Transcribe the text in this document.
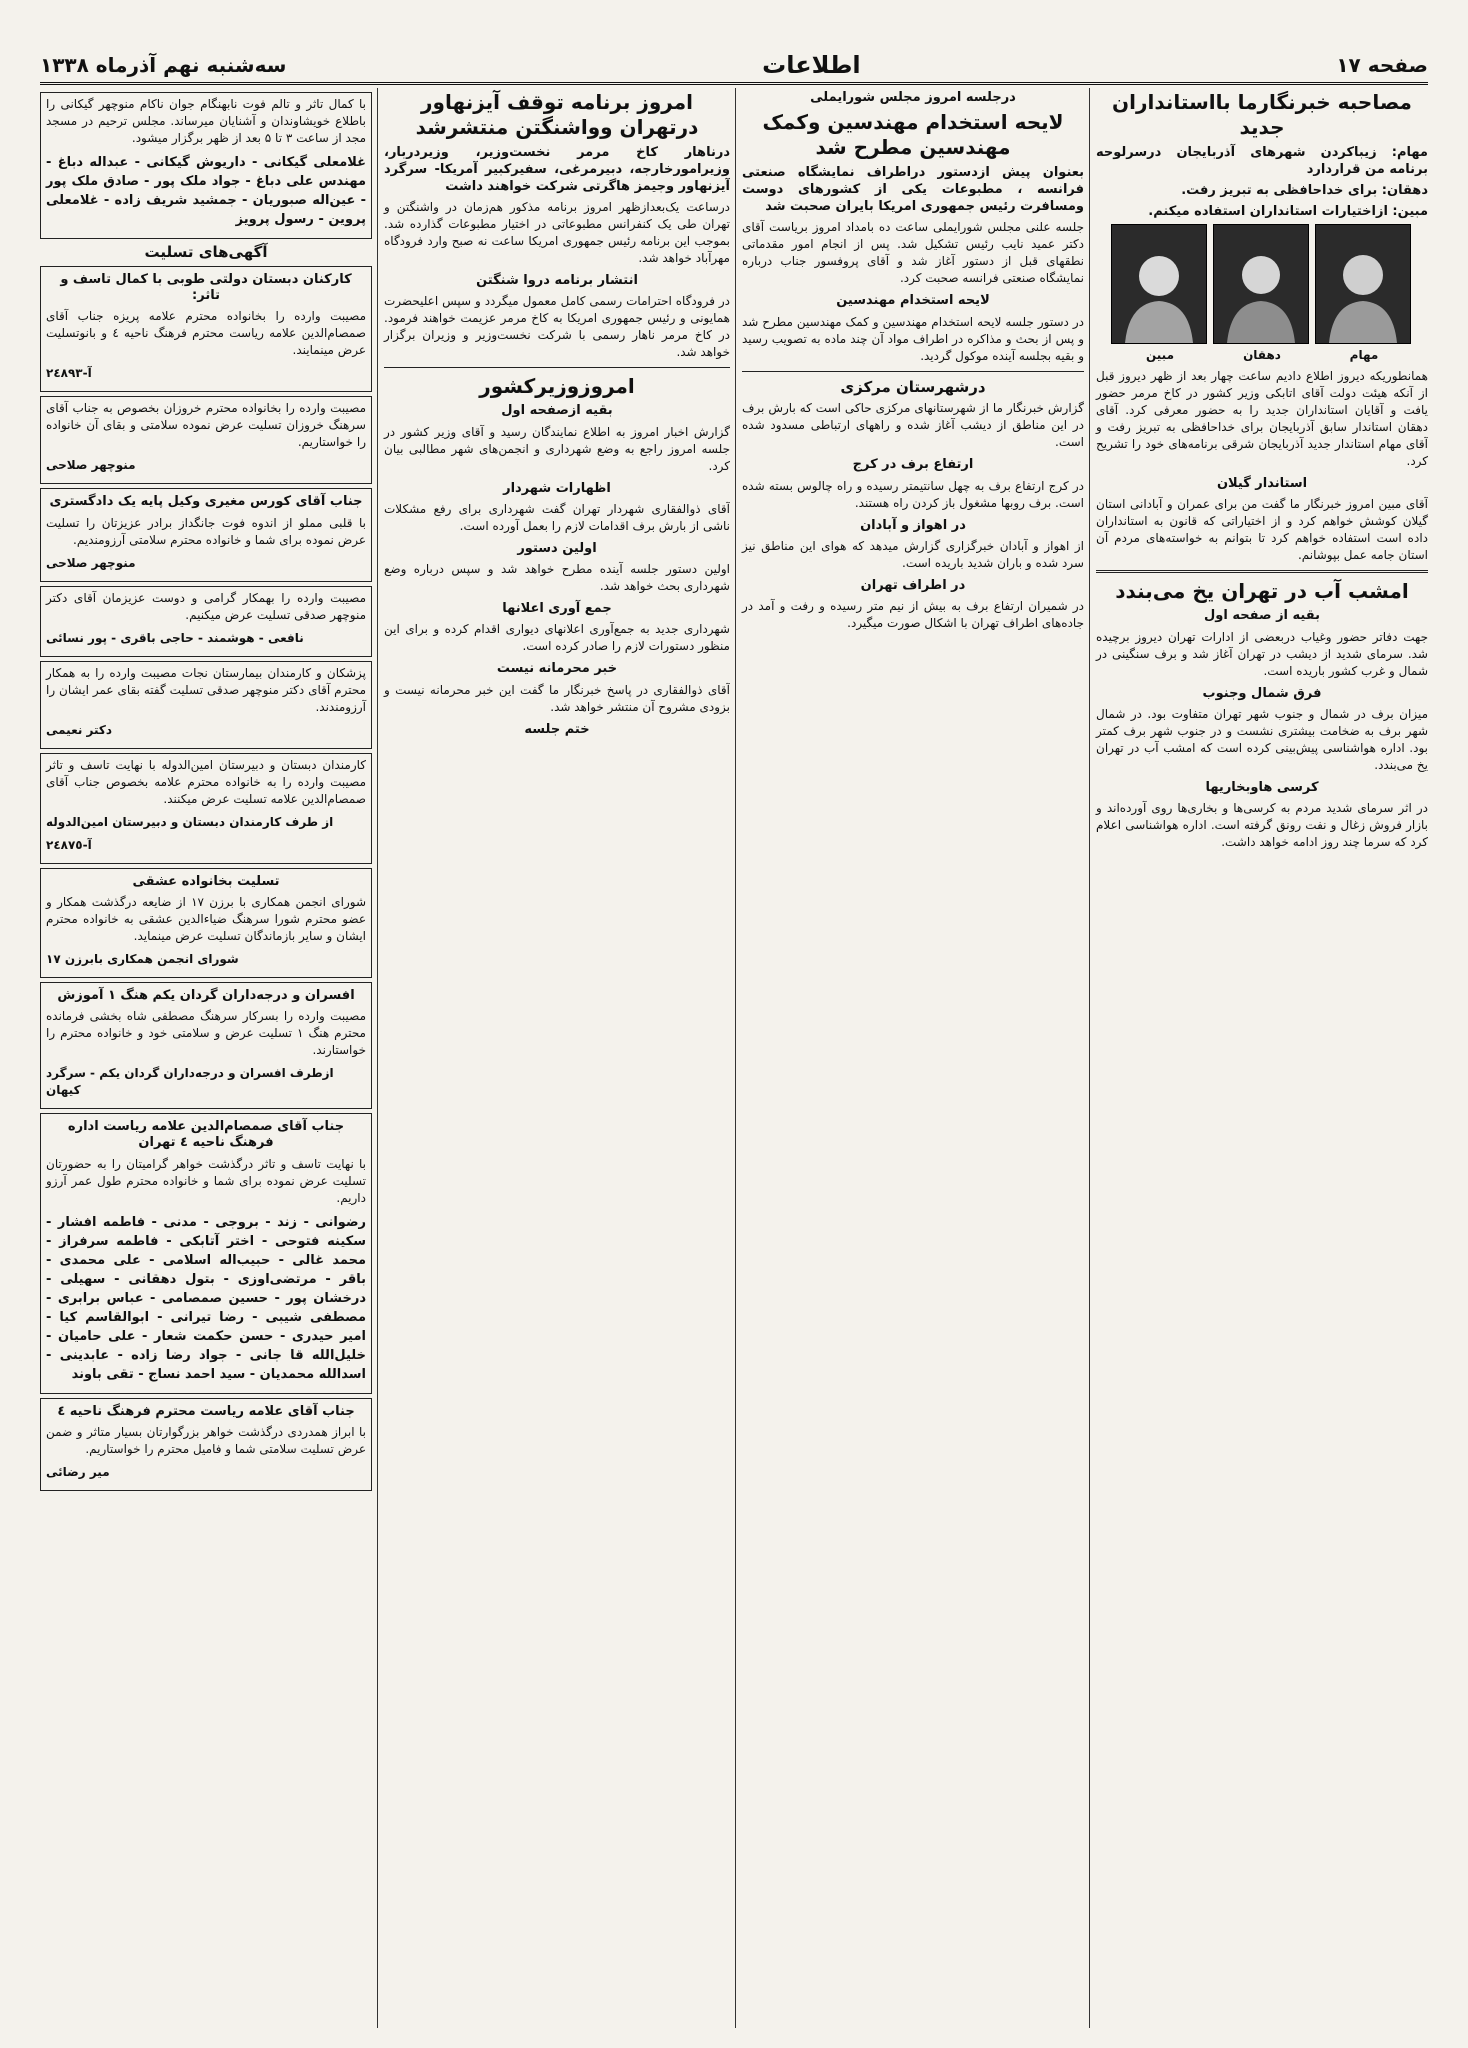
صفحه ۱۷
اطلاعات
سه‌شنبه نهم آذرماه ۱۳۳۸
مصاحبه خبرنگارما بااستانداران جدید

مهام: زیباکردن شهرهای آذربایجان درسرلوحه برنامه من قراردارد

دهقان: برای خداحافظی به تبریز رفت.

مبین: ازاختیارات استانداران استفاده میکنم.

مهام
دهقان
مبین

همانطوریکه دیروز اطلاع دادیم ساعت چهار بعد از ظهر دیروز قبل از آنکه هیئت دولت آقای اتابکی وزیر کشور در کاخ مرمر حضور یافت و آقایان استانداران جدید را به حضور معرفی کرد. آقای دهقان استاندار سابق آذربایجان برای خداحافظی به تبریز رفت و آقای مهام استاندار جدید آذربایجان شرقی برنامه‌های خود را تشریح کرد.

استاندار گیلان

آقای مبین امروز خبرنگار ما گفت من برای عمران و آبادانی استان گیلان کوشش خواهم کرد و از اختیاراتی که قانون به استانداران داده است استفاده خواهم کرد تا بتوانم به خواسته‌های مردم آن استان جامه عمل بپوشانم.

امشب آب در تهران یخ می‌بندد
بقیه از صفحه اول

جهت دفاتر حضور وغیاب دربعضی از ادارات تهران دیروز برچیده شد. سرمای شدید از دیشب در تهران آغاز شد و برف سنگینی در شمال و غرب کشور باریده است.

فرق شمال وجنوب

میزان برف در شمال و جنوب شهر تهران متفاوت بود. در شمال شهر برف به ضخامت بیشتری نشست و در جنوب شهر برف کمتر بود. اداره هواشناسی پیش‌بینی کرده است که امشب آب در تهران یخ می‌بندد.

کرسی هاوبخاریها

در اثر سرمای شدید مردم به کرسی‌ها و بخاری‌ها روی آورده‌اند و بازار فروش زغال و نفت رونق گرفته است. اداره هواشناسی اعلام کرد که سرما چند روز ادامه خواهد داشت.

درجلسه امروز مجلس شورایملی
لایحه استخدام مهندسین وکمک مهندسین مطرح شد

بعنوان پیش ازدستور دراطراف نمایشگاه صنعتی فرانسه ، مطبوعات یکی از کشورهای دوست ومسافرت رئیس جمهوری امریکا بایران صحبت شد

جلسه علنی مجلس شورایملی ساعت ده بامداد امروز بریاست آقای دکتر عمید نایب رئیس تشکیل شد. پس از انجام امور مقدماتی نطقهای قبل از دستور آغاز شد و آقای پروفسور جناب درباره نمایشگاه صنعتی فرانسه صحبت کرد.

لایحه استخدام مهندسین

در دستور جلسه لایحه استخدام مهندسین و کمک مهندسین مطرح شد و پس از بحث و مذاکره در اطراف مواد آن چند ماده به تصویب رسید و بقیه بجلسه آینده موکول گردید.

درشهرستان مرکزی

گزارش خبرنگار ما از شهرستانهای مرکزی حاکی است که بارش برف در این مناطق از دیشب آغاز شده و راههای ارتباطی مسدود شده است.

ارتفاع برف در کرج

در کرج ارتفاع برف به چهل سانتیمتر رسیده و راه چالوس بسته شده است. برف روبها مشغول باز کردن راه هستند.

در اهواز و آبادان

از اهواز و آبادان خبرگزاری گزارش میدهد که هوای این مناطق نیز سرد شده و باران شدید باریده است.

در اطراف تهران

در شمیران ارتفاع برف به بیش از نیم متر رسیده و رفت و آمد در جاده‌های اطراف تهران با اشکال صورت میگیرد.

امروز برنامه توقف آیزنهاور درتهران وواشنگتن منتشرشد

درناهار کاخ مرمر نخست‌وزیر، وزیردربار، وزیرامورخارجه، دبیرمرغی، سفیرکبیر آمریکا- سرگرد آیزنهاور وجیمز هاگرتی شرکت خواهند داشت

درساعت یک‌بعدازظهر امروز برنامه مذکور هم‌زمان در واشنگتن و تهران طی یک کنفرانس مطبوعاتی در اختیار مطبوعات گذارده شد. بموجب این برنامه رئیس جمهوری امریکا ساعت نه صبح وارد فرودگاه مهرآباد خواهد شد.

انتشار برنامه دروا شنگتن

در فرودگاه احترامات رسمی کامل معمول میگردد و سپس اعلیحضرت همایونی و رئیس جمهوری امریکا به کاخ مرمر عزیمت خواهند فرمود. در کاخ مرمر ناهار رسمی با شرکت نخست‌وزیر و وزیران برگزار خواهد شد.

امروزوزیرکشور
بقیه ازصفحه اول

گزارش اخبار امروز به اطلاع نمایندگان رسید و آقای وزیر کشور در جلسه امروز راجع به وضع شهرداری و انجمن‌های شهر مطالبی بیان کرد.

اظهارات شهردار

آقای ذوالفقاری شهردار تهران گفت شهرداری برای رفع مشکلات ناشی از بارش برف اقدامات لازم را بعمل آورده است.

اولین دستور

اولین دستور جلسه آینده مطرح خواهد شد و سپس درباره وضع شهرداری بحث خواهد شد.

جمع آوری اعلانها

شهرداری جدید به جمع‌آوری اعلانهای دیواری اقدام کرده و برای این منظور دستورات لازم را صادر کرده است.

خبر محرمانه نیست

آقای ذوالفقاری در پاسخ خبرنگار ما گفت این خبر محرمانه نیست و بزودی مشروح آن منتشر خواهد شد.

ختم جلسه

با کمال تاثر و تالم فوت نابهنگام جوان ناکام منوچهر گیکانی را باطلاع خویشاوندان و آشنایان میرساند. مجلس ترحیم در مسجد مجد از ساعت ۳ تا ۵ بعد از ظهر برگزار میشود.

غلامعلی گیکانی - داریوش گیکانی - عبداله دباغ - مهندس علی دباغ - جواد ملک پور - صادق ملک پور - عین‌اله صبوریان - جمشید شریف زاده - غلامعلی پروین - رسول پرویز
آگهی‌های تسلیت
کارکنان دبستان دولتی طوبی با کمال تاسف و تاثر:

مصیبت وارده را بخانواده محترم علامه پریزه جناب آقای صمصام‌الدین علامه ریاست محترم فرهنگ ناحیه ٤ و بانوتسلیت عرض مینمایند.

آ-۲٤۸۹۳

مصیبت وارده را بخانواده محترم خروزان بخصوص به جناب آقای سرهنگ خروزان تسلیت عرض نموده سلامتی و بقای آن خانواده را خواستاریم.

منوچهر صلاحی
جناب آقای کورس مغیری وکیل پایه یک دادگستری

با قلبی مملو از اندوه فوت جانگداز برادر عزیزتان را تسلیت عرض نموده برای شما و خانواده محترم سلامتی آرزومندیم.

منوچهر صلاحی

مصیبت وارده را بهمکار گرامی و دوست عزیزمان آقای دکتر منوچهر صدقی تسلیت عرض میکنیم.

نافعی - هوشمند - حاجی باقری - پور نسائی

پزشکان و کارمندان بیمارستان نجات مصیبت وارده را به همکار محترم آقای دکتر منوچهر صدقی تسلیت گفته بقای عمر ایشان را آرزومندند.

دکتر نعیمی

کارمندان دبستان و دبیرستان امین‌الدوله با نهایت تاسف و تاثر مصیبت وارده را به خانواده محترم علامه بخصوص جناب آقای صمصام‌الدین علامه تسلیت عرض میکنند.

از طرف کارمندان دبستان و دبیرستان امین‌الدوله
آ-۲٤۸۷٥
تسلیت بخانواده عشقی

شورای انجمن همکاری با برزن ۱۷ از ضایعه درگذشت همکار و عضو محترم شورا سرهنگ ضیاءالدین عشقی به خانواده محترم ایشان و سایر بازماندگان تسلیت عرض مینماید.

شورای انجمن همکاری بابرزن ۱۷
افسران و درجه‌داران گردان یکم هنگ ۱ آموزش

مصیبت وارده را بسرکار سرهنگ مصطفی شاه بخشی فرمانده محترم هنگ ۱ تسلیت عرض و سلامتی خود و خانواده محترم را خواستارند.

ازطرف افسران و درجه‌داران گردان یکم - سرگرد کیهان
جناب آقای صمصام‌الدین علامه ریاست اداره فرهنگ ناحیه ٤ تهران

با نهایت تاسف و تاثر درگذشت خواهر گرامیتان را به حضورتان تسلیت عرض نموده برای شما و خانواده محترم طول عمر آرزو داریم.

رضوانی - زند - بروجی - مدنی - فاطمه افشار - سکینه فتوحی - اختر آتابکی - فاطمه سرفراز - محمد غالی - حبیب‌اله اسلامی - علی محمدی - باقر - مرتضی‌اوزی - بتول دهقانی - سهیلی - درخشان پور - حسین صمصامی - عباس برابری - مصطفی شیبی - رضا تیرانی - ابوالقاسم کیا - امیر حیدری - حسن حکمت شعار - علی حامیان - خلیل‌الله قا جانی - جواد رضا زاده - عابدینی - اسدالله محمدیان - سید احمد نساج - تقی باوند
جناب آقای علامه ریاست محترم فرهنگ ناحیه ٤

با ابراز همدردی درگذشت خواهر بزرگوارتان بسیار متاثر و ضمن عرض تسلیت سلامتی شما و فامیل محترم را خواستاریم.

میر رضائی
